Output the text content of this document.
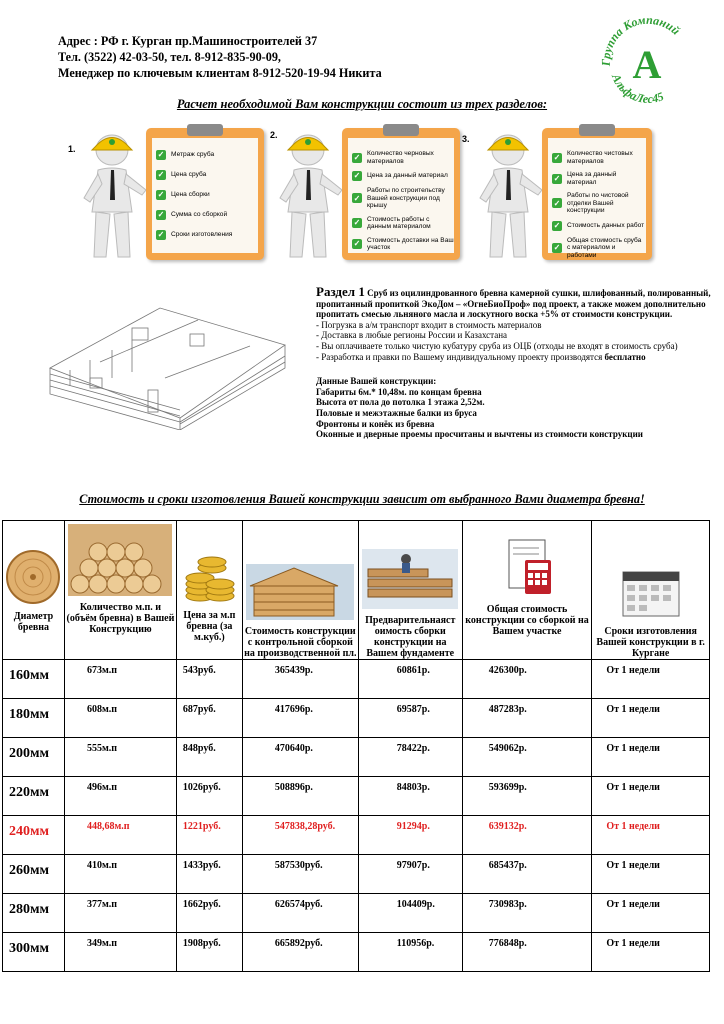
Адрес : РФ г. Курган пр.Машиностроителей 37
Тел. (3522) 42-03-50, тел. 8-912-835-90-09,
Менеджер по ключевым клиентам 8-912-520-19-94 Никита
Группа Компаний
А
АльфаЛес45
Расчет необходимой Вам конструкции состоит из трех разделов:
1.
✓ Метраж сруба
✓ Цена сруба
✓ Цена сборки
✓ Сумма со сборкой
✓ Сроки изготовления
2.
✓ Количество черновых материалов
✓ Цена за данный материал
✓
Работы по строительству Вашей конструкции под крышу
✓ Стоимость работы с данным материалом
✓ Стоимость доставки на Ваш участок
3.
✓ Количество чистовых материалов
✓ Цена за данный материал
✓
Работы по чистовой отделки Вашей конструкции
✓ Стоимость данных работ
✓
Общая стоимость сруба с материалом и работами
Раздел 1 Сруб из оцилиндрованного бревна камерной сушки, шлифованный, полированный, пропитанный пропиткой ЭкоДом – «ОгнеБиоПроф» под проект, а также можем дополнительно пропитать смесью льняного масла и лоскутного воска +5% от стоимости конструкции.
- Погрузка в а/м транспорт входит в стоимость материалов
- Доставка в любые регионы России и Казахстана
- Вы оплачиваете только чистую кубатуру сруба из ОЦБ (отходы не входят в стоимость сруба)
- Разработка и правки по Вашему индивидуальному проекту производятся бесплатно
Данные Вашей конструкции:
Габариты 6м.* 10,48м. по концам бревна
Высота от пола до потолка 1 этажа 2,52м.
Половые и межэтажные балки из бруса
Фронтоны и конёк из бревна
Оконные и дверные проемы просчитаны и вычтены из стоимости конструкции
Стоимость и сроки изготовления Вашей конструкции зависит от выбранного Вами диаметра бревна!
Диаметр бревна	Количество м.п. и (объём бревна) в Вашей Конструкцию	Цена за м.п бревна (за м.куб.)	Стоимость конструкции с контрольной сборкой на производственной пл.	Предварительнаяст оимость сборки конструкции на Вашем фундаменте	Общая стоимость конструкции со сборкой на Вашем участке	Сроки изготовления Вашей конструкции в г. Кургане

160мм	673м.п	543руб.	365439р.	60861р.	426300р.	От 1 недели
180мм	608м.п	687руб.	417696р.	69587р.	487283р.	От 1 недели
200мм	555м.п	848руб.	470640р.	78422р.	549062р.	От 1 недели
220мм	496м.п	1026руб.	508896р.	84803р.	593699р.	От 1 недели
240мм	448,68м.п	1221руб.	547838,28руб.	91294р.	639132р.	От 1 недели
260мм	410м.п	1433руб.	587530руб.	97907р.	685437р.	От 1 недели
280мм	377м.п	1662руб.	626574руб.	104409р.	730983р.	От 1 недели
300мм	349м.п	1908руб.	665892руб.	110956р.	776848р.	От 1 недели
